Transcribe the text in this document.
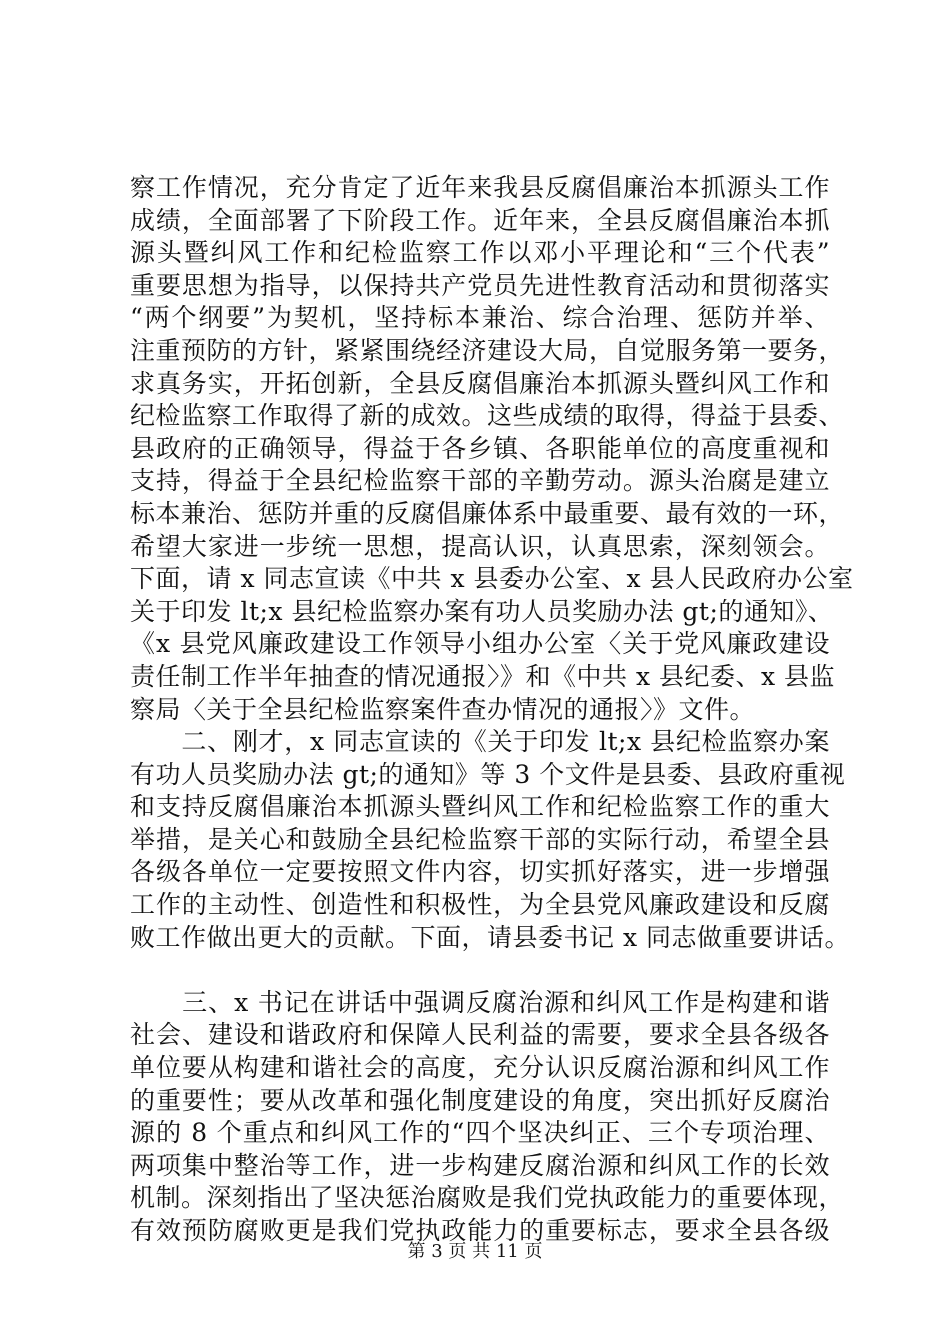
察工作情况，充分肯定了近年来我县反腐倡廉治本抓源头工作
成绩，全面部署了下阶段工作。近年来，全县反腐倡廉治本抓
源头暨纠风工作和纪检监察工作以邓小平理论和“三个代表”
重要思想为指导，以保持共产党员先进性教育活动和贯彻落实
“两个纲要”为契机，坚持标本兼治、综合治理、惩防并举、
注重预防的方针，紧紧围绕经济建设大局，自觉服务第一要务，
求真务实，开拓创新，全县反腐倡廉治本抓源头暨纠风工作和
纪检监察工作取得了新的成效。这些成绩的取得，得益于县委、
县政府的正确领导，得益于各乡镇、各职能单位的高度重视和
支持，得益于全县纪检监察干部的辛勤劳动。源头治腐是建立
标本兼治、惩防并重的反腐倡廉体系中最重要、最有效的一环，
希望大家进一步统一思想，提高认识，认真思索，深刻领会。
下面，请 x 同志宣读《中共 x 县委办公室、x 县人民政府办公室
关于印发 lt;x 县纪检监察办案有功人员奖励办法 gt;的通知》、
《x 县党风廉政建设工作领导小组办公室〈关于党风廉政建设
责任制工作半年抽查的情况通报〉》和《中共 x 县纪委、x 县监
察局〈关于全县纪检监察案件查办情况的通报〉》文件。
　　二、刚才，x 同志宣读的《关于印发 lt;x 县纪检监察办案
有功人员奖励办法 gt;的通知》等 3 个文件是县委、县政府重视
和支持反腐倡廉治本抓源头暨纠风工作和纪检监察工作的重大
举措，是关心和鼓励全县纪检监察干部的实际行动，希望全县
各级各单位一定要按照文件内容，切实抓好落实，进一步增强
工作的主动性、创造性和积极性，为全县党风廉政建设和反腐
败工作做出更大的贡献。下面，请县委书记 x 同志做重要讲话。
　　三、x 书记在讲话中强调反腐治源和纠风工作是构建和谐
社会、建设和谐政府和保障人民利益的需要，要求全县各级各
单位要从构建和谐社会的高度，充分认识反腐治源和纠风工作
的重要性；要从改革和强化制度建设的角度，突出抓好反腐治
源的 8 个重点和纠风工作的“四个坚决纠正、三个专项治理、
两项集中整治等工作，进一步构建反腐治源和纠风工作的长效
机制。深刻指出了坚决惩治腐败是我们党执政能力的重要体现，
有效预防腐败更是我们党执政能力的重要标志，要求全县各级
第 3 页 共 11 页
